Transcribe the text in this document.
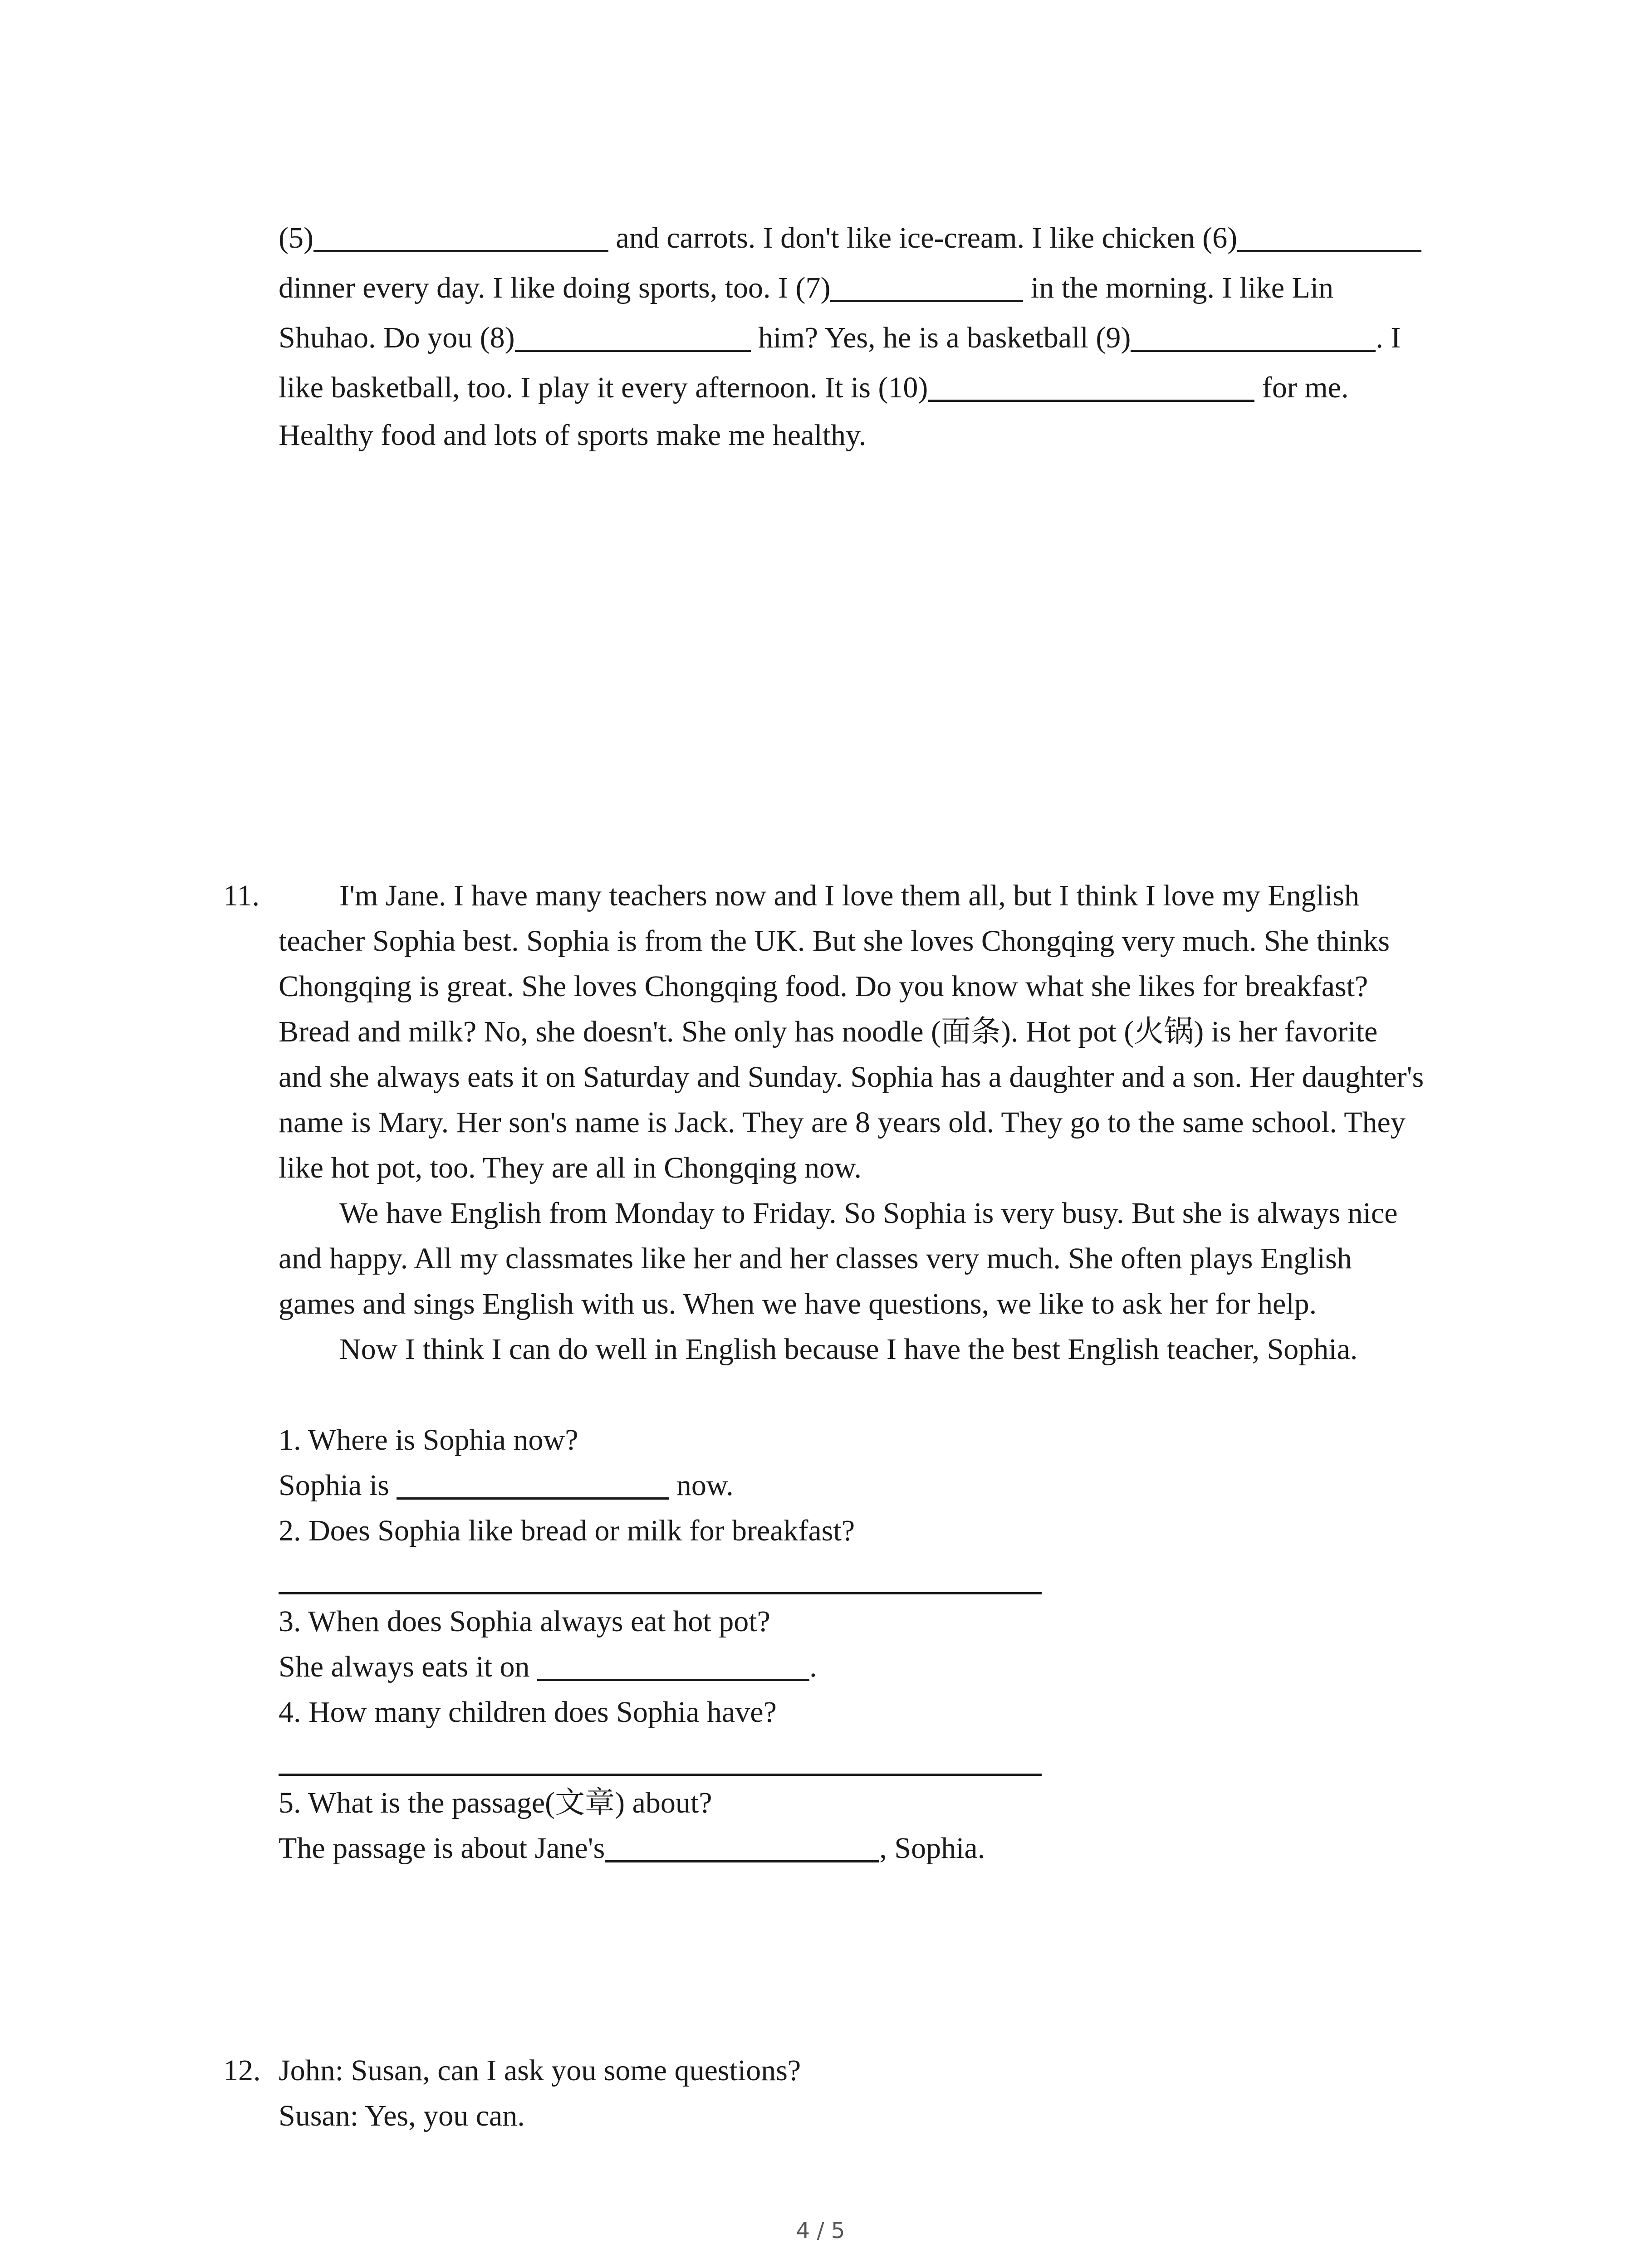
(5)	and carrots. I don't like ice-cream. I like chicken (6)
dinner every day. I like doing sports, too. I (7)	in the morning. I like Lin
Shuhao. Do you (8)	him? Yes, he is a basketball (9)	. I
like basketball, too. I play it every afternoon. It is (10)	for me.
Healthy food and lots of sports make me healthy.
11.	I'm Jane. I have many teachers now and I love them all, but I think I love my English
teacher Sophia best. Sophia is from the UK. But she loves Chongqing very much. She thinks
Chongqing is great. She loves Chongqing food. Do you know what she likes for breakfast?
Bread and milk? No, she doesn't. She only has noodle (面条). Hot pot (火锅) is her favorite
and she always eats it on Saturday and Sunday. Sophia has a daughter and a son. Her daughter's
name is Mary. Her son's name is Jack. They are 8 years old. They go to the same school. They
like hot pot, too. They are all in Chongqing now.
We have English from Monday to Friday. So Sophia is very busy. But she is always nice
and happy. All my classmates like her and her classes very much. She often plays English
games and sings English with us. When we have questions, we like to ask her for help.
Now I think I can do well in English because I have the best English teacher, Sophia.
1. Where is Sophia now?
Sophia is	now.
2. Does Sophia like bread or milk for breakfast?
3. When does Sophia always eat hot pot?
She always eats it on	.
4. How many children does Sophia have?
5. What is the passage(文章) about?
The passage is about Jane's	, Sophia.
12. John: Susan, can I ask you some questions?
Susan: Yes, you can.
4 / 5
